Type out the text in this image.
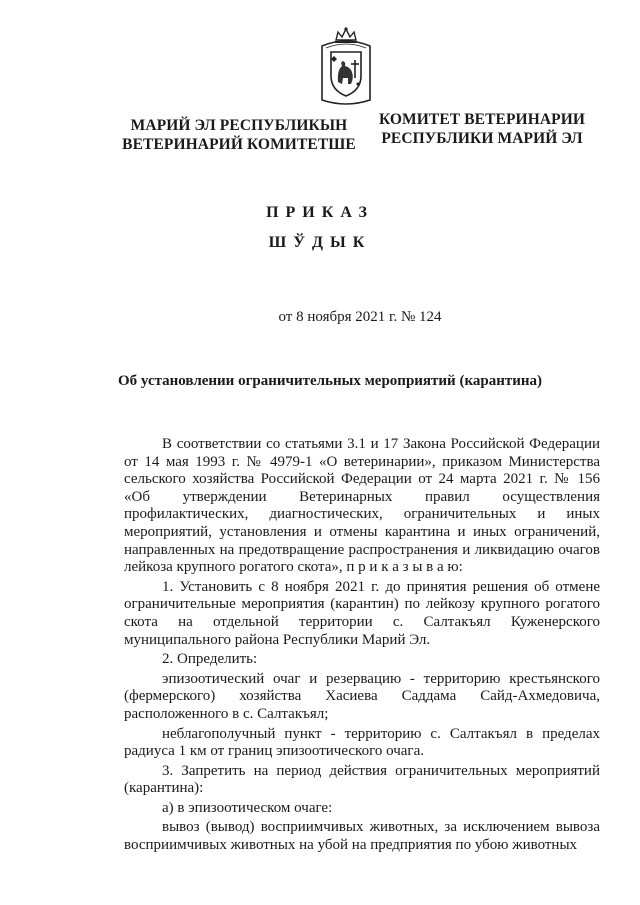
МАРИЙ ЭЛ РЕСПУБЛИКЫН
ВЕТЕРИНАРИЙ КОМИТЕТШЕ
КОМИТЕТ ВЕТЕРИНАРИИ
РЕСПУБЛИКИ МАРИЙ ЭЛ
ПРИКАЗ
ШЎДЫК
от 8 ноября 2021 г. № 124
Об установлении ограничительных мероприятий (карантина)

В соответствии со статьями 3.1 и 17 Закона Российской Федерации от 14 мая 1993 г. № 4979-1 «О ветеринарии», приказом Министерства сельского хозяйства Российской Федерации от 24 марта 2021 г. № 156 «Об утверждении Ветеринарных правил осуществления профилактических, диагностических, ограничительных и иных мероприятий, установления и отмены карантина и иных ограничений, направленных на предотвращение распространения и ликвидацию очагов лейкоза крупного рогатого скота», п р и к а з ы в а ю:

1. Установить с 8 ноября 2021 г. до принятия решения об отмене ограничительные мероприятия (карантин) по лейкозу крупного рогатого скота на отдельной территории с. Салтакъял Куженерского муниципального района Республики Марий Эл.

2. Определить:

эпизоотический очаг и резервацию - территорию крестьянского (фермерского) хозяйства Хасиева Саддама Сайд-Ахмедовича, расположенного в с. Салтакъял;

неблагополучный пункт - территорию с. Салтакъял в пределах радиуса 1 км от границ эпизоотического очага.

3. Запретить на период действия ограничительных мероприятий (карантина):

а) в эпизоотическом очаге:

вывоз (вывод) восприимчивых животных, за исключением вывоза восприимчивых животных на убой на предприятия по убою животных
